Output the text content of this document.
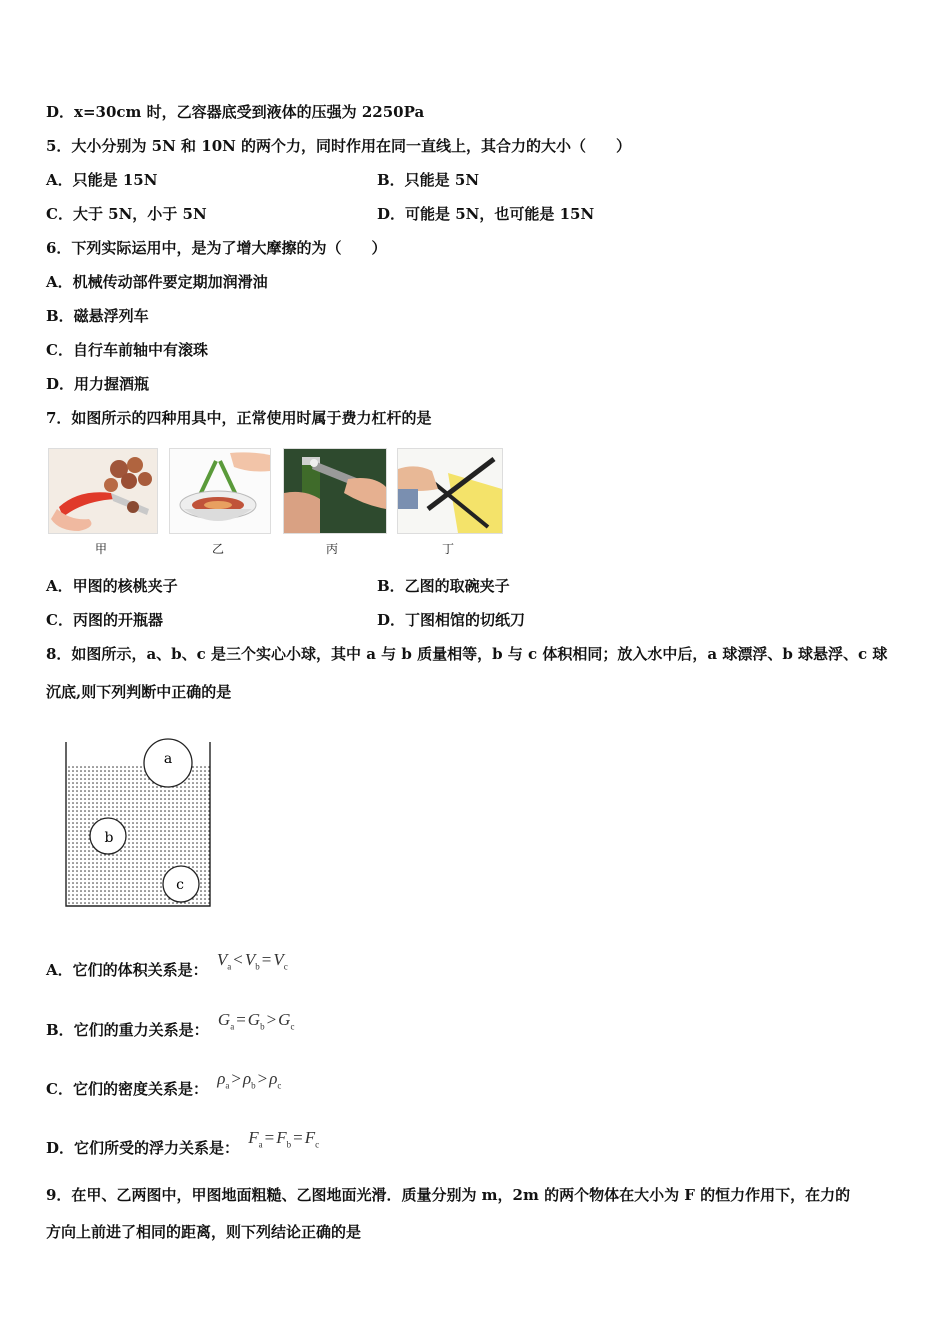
D．x=30cm 时，乙容器底受到液体的压强为 2250Pa
5．大小分别为 5N 和 10N 的两个力，同时作用在同一直线上，其合力的大小（　　）
A．只能是 15N	B．只能是 5N
C．大于 5N，小于 5N	D．可能是 5N，也可能是 15N
6．下列实际运用中，是为了增大摩擦的为（　　）
A．机械传动部件要定期加润滑油
B．磁悬浮列车
C．自行车前轴中有滚珠
D．用力握酒瓶
7．如图所示的四种用具中，正常使用时属于费力杠杆的是
甲	乙	丙	丁
A．甲图的核桃夹子	B．乙图的取碗夹子
C．丙图的开瓶器	D．丁图相馆的切纸刀
8．如图所示，a、b、c 是三个实心小球，其中 a 与 b 质量相等，b 与 c 体积相同；放入水中后，a 球漂浮、b 球悬浮、c 球
沉底,则下列判断中正确的是
a
b
c
A．它们的体积关系是： $V_a < V_b = V_c$
B．它们的重力关系是： $G_a = G_b > G_c$
C．它们的密度关系是： $\rho_a > \rho_b > \rho_c$
D．它们所受的浮力关系是： $F_a = F_b = F_c$
9．在甲、乙两图中，甲图地面粗糙、乙图地面光滑．质量分别为 m，2m 的两个物体在大小为 F 的恒力作用下，在力的
方向上前进了相同的距离，则下列结论正确的是
